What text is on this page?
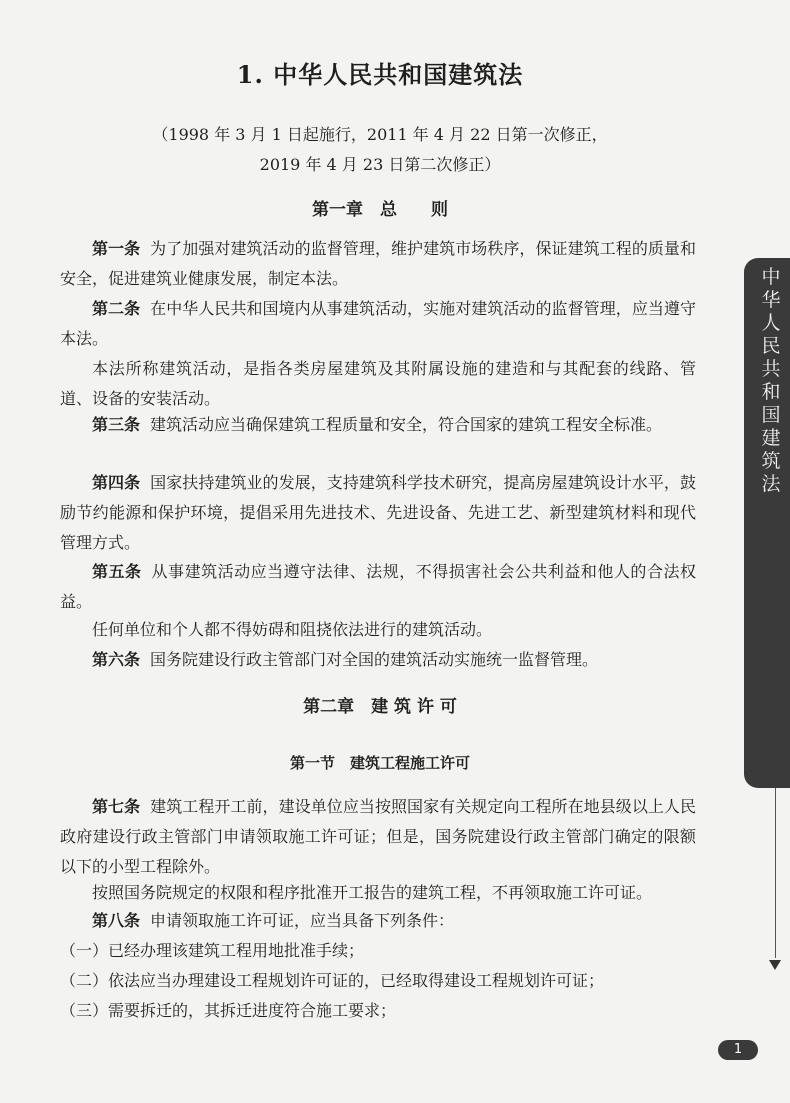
1. 中华人民共和国建筑法
（1998 年 3 月 1 日起施行，2011 年 4 月 22 日第一次修正，
2019 年 4 月 23 日第二次修正）
第一章　总　　则
第一条 为了加强对建筑活动的监督管理，维护建筑市场秩序，保证建筑工程的质量和安全，促进建筑业健康发展，制定本法。
第二条 在中华人民共和国境内从事建筑活动，实施对建筑活动的监督管理，应当遵守本法。
本法所称建筑活动，是指各类房屋建筑及其附属设施的建造和与其配套的线路、管道、设备的安装活动。
第三条 建筑活动应当确保建筑工程质量和安全，符合国家的建筑工程安全标准。
第四条 国家扶持建筑业的发展，支持建筑科学技术研究，提高房屋建筑设计水平，鼓励节约能源和保护环境，提倡采用先进技术、先进设备、先进工艺、新型建筑材料和现代管理方式。
第五条 从事建筑活动应当遵守法律、法规，不得损害社会公共利益和他人的合法权益。
任何单位和个人都不得妨碍和阻挠依法进行的建筑活动。
第六条 国务院建设行政主管部门对全国的建筑活动实施统一监督管理。
第二章　建 筑 许 可
第一节　建筑工程施工许可
第七条 建筑工程开工前，建设单位应当按照国家有关规定向工程所在地县级以上人民政府建设行政主管部门申请领取施工许可证；但是，国务院建设行政主管部门确定的限额以下的小型工程除外。
按照国务院规定的权限和程序批准开工报告的建筑工程，不再领取施工许可证。
第八条 申请领取施工许可证，应当具备下列条件：
（一）已经办理该建筑工程用地批准手续；
（二）依法应当办理建设工程规划许可证的，已经取得建设工程规划许可证；
（三）需要拆迁的，其拆迁进度符合施工要求；
中华人民共和国建筑法
1
